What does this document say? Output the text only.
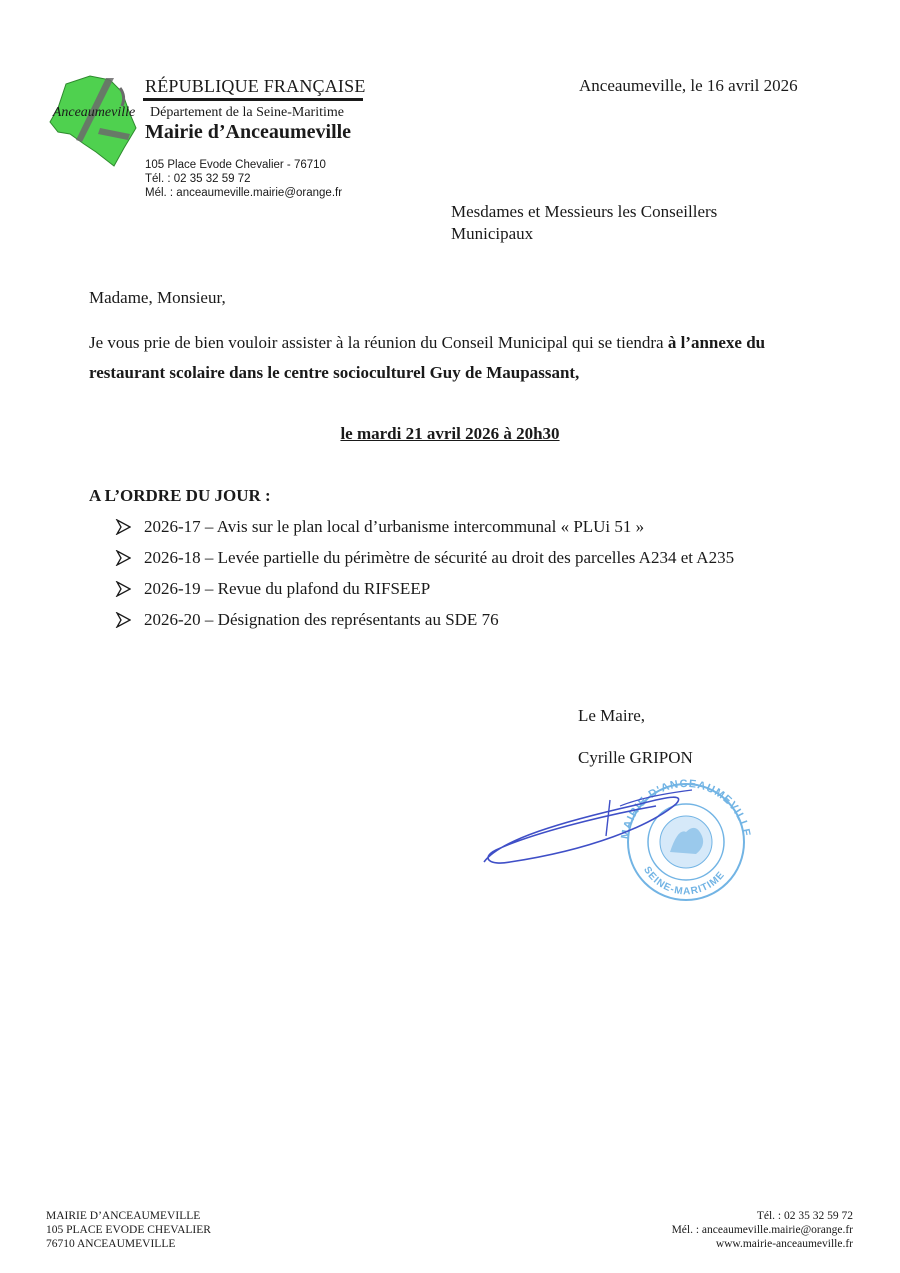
Anceaumeville
RÉPUBLIQUE FRANÇAISE
Département de la Seine-Maritime
Mairie d’Anceaumeville
105 Place Evode Chevalier - 76710
Tél. : 02 35 32 59 72
Mél. : anceaumeville.mairie@orange.fr
Anceaumeville, le 16 avril 2026
Mesdames et Messieurs les Conseillers
Municipaux
Madame, Monsieur,
Je vous prie de bien vouloir assister à la réunion du Conseil Municipal qui se tiendra à l’annexe du restaurant scolaire dans le centre socioculturel Guy de Maupassant,
le mardi 21 avril 2026 à 20h30
A L’ORDRE DU JOUR :
2026-17 – Avis sur le plan local d’urbanisme intercommunal « PLUi 51 »
2026-18 – Levée partielle du périmètre de sécurité au droit des parcelles A234 et A235
2026-19 – Revue du plafond du RIFSEEP
2026-20 – Désignation des représentants au SDE 76
Le Maire,
Cyrille GRIPON
MAIRIE D'ANCEAUMEVILLE
SEINE-MARITIME
MAIRIE D’ANCEAUMEVILLE
105 PLACE EVODE CHEVALIER
76710 ANCEAUMEVILLE
Tél. : 02 35 32 59 72
Mél. : anceaumeville.mairie@orange.fr
www.mairie-anceaumeville.fr
